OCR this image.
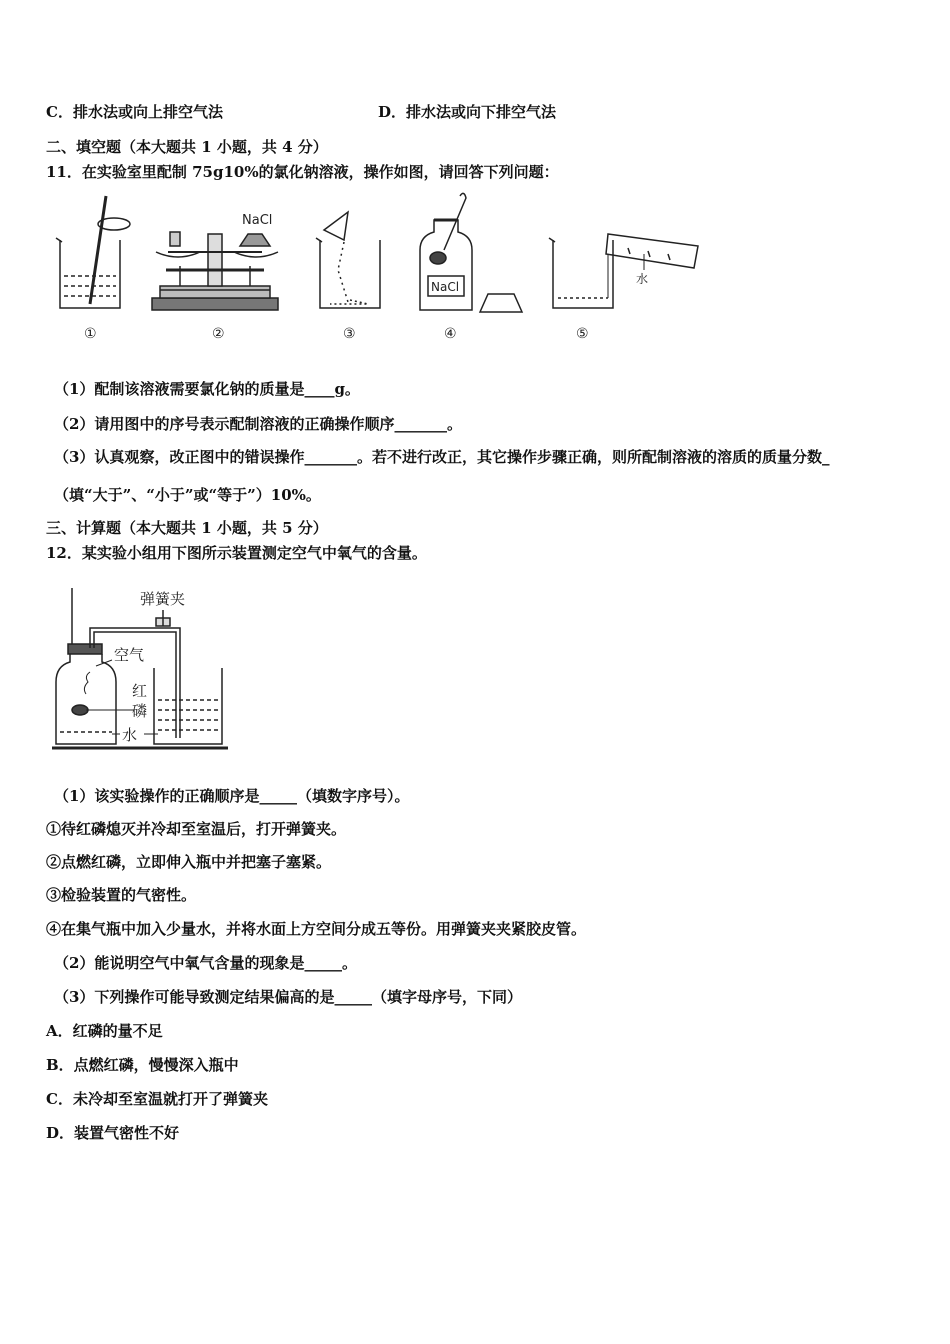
C．排水法或向上排空气法	D．排水法或向下排空气法
二、填空题（本大题共 1 小题，共 4 分）
11．在实验室里配制 75g10%的氯化钠溶液，操作如图，请回答下列问题：
NaCl
NaCl
水
①	②	③	④	⑤
（1）配制该溶液需要氯化钠的质量是____g。
（2）请用图中的序号表示配制溶液的正确操作顺序_______。
（3）认真观察，改正图中的错误操作_______。若不进行改正，其它操作步骤正确，则所配制溶液的溶质的质量分数_
（填“大于”、“小于”或“等于”）10%。
三、计算题（本大题共 1 小题，共 5 分）
12．某实验小组用下图所示装置测定空气中氧气的含量。
弹簧夹
空气
红
磷
水
（1）该实验操作的正确顺序是_____（填数字序号）。
①待红磷熄灭并冷却至室温后，打开弹簧夹。
②点燃红磷，立即伸入瓶中并把塞子塞紧。
③检验装置的气密性。
④在集气瓶中加入少量水，并将水面上方空间分成五等份。用弹簧夹夹紧胶皮管。
（2）能说明空气中氧气含量的现象是_____。
（3）下列操作可能导致测定结果偏高的是_____（填字母序号，下同）
A．红磷的量不足
B．点燃红磷，慢慢深入瓶中
C．未冷却至室温就打开了弹簧夹
D．装置气密性不好
